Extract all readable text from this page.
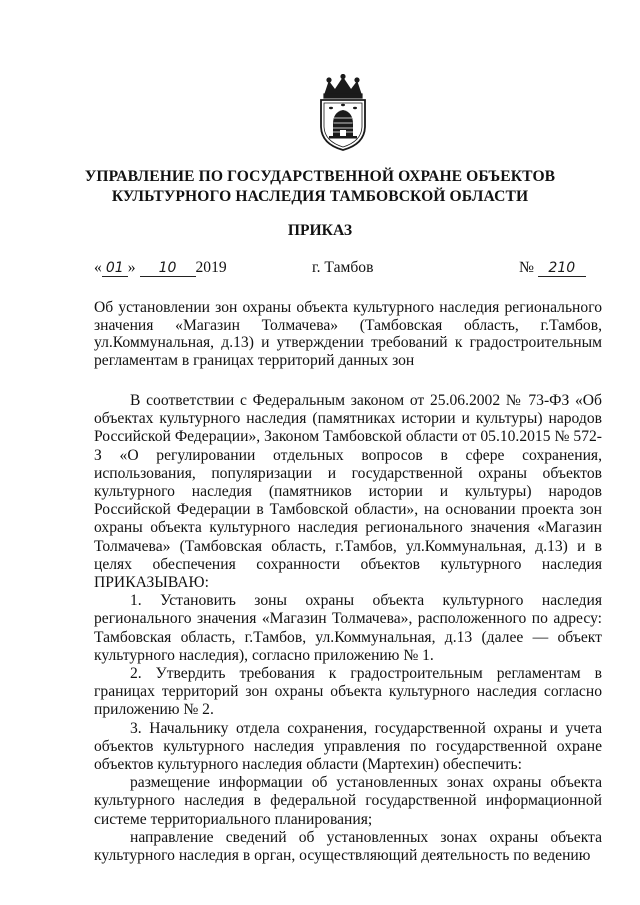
УПРАВЛЕНИЕ ПО ГОСУДАРСТВЕННОЙ ОХРАНЕ ОБЪЕКТОВ
КУЛЬТУРНОГО НАСЛЕДИЯ ТАМБОВСКОЙ ОБЛАСТИ
ПРИКАЗ
« 01 » 10 2019	г. Тамбов	№ 210
Об установлении зон охраны объекта культурного наследия регионального значения «Магазин Толмачева» (Тамбовская область, г.Тамбов, ул.Коммунальная, д.13) и утверждении требований к градостроительным регламентам в границах территорий данных зон

В соответствии с Федеральным законом от 25.06.2002 № 73-ФЗ «Об объектах культурного наследия (памятниках истории и культуры) народов Российской Федерации», Законом Тамбовской области от 05.10.2015 № 572-З «О регулировании отдельных вопросов в сфере сохранения, использования, популяризации и государственной охраны объектов культурного наследия (памятников истории и культуры) народов Российской Федерации в Тамбовской области», на основании проекта зон охраны объекта культурного наследия регионального значения «Магазин Толмачева» (Тамбовская область, г.Тамбов, ул.Коммунальная, д.13) и в целях обеспечения сохранности объектов культурного наследия ПРИКАЗЫВАЮ:

1. Установить зоны охраны объекта культурного наследия регионального значения «Магазин Толмачева», расположенного по адресу: Тамбовская область, г.Тамбов, ул.Коммунальная, д.13 (далее — объект культурного наследия), согласно приложению № 1.

2. Утвердить требования к градостроительным регламентам в границах территорий зон охраны объекта культурного наследия согласно приложению № 2.

3. Начальнику отдела сохранения, государственной охраны и учета объектов культурного наследия управления по государственной охране объектов культурного наследия области (Мартехин) обеспечить:

размещение информации об установленных зонах охраны объекта культурного наследия в федеральной государственной информационной системе территориального планирования;

направление сведений об установленных зонах охраны объекта культурного наследия в орган, осуществляющий деятельность по ведению
